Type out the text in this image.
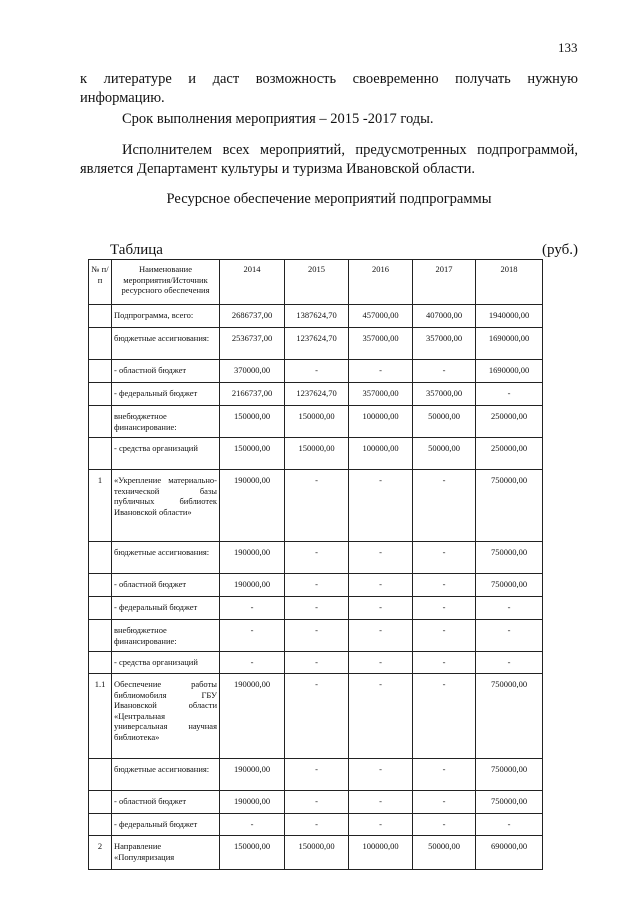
133
к литературе и даст возможность своевременно получать нужную
информацию.
Срок выполнения мероприятия – 2015 -2017 годы.
Исполнителем всех мероприятий, предусмотренных подпрограммой,
является Департамент культуры и туризма Ивановской области.
Ресурсное обеспечение мероприятий подпрограммы
Таблица	(руб.)
№ п/п	Наименование мероприятия/Источник ресурсного обеспечения	2014	2015	2016	2017	2018
	Подпрограмма, всего:	2686737,00	1387624,70	457000,00	407000,00	1940000,00
	бюджетные ассигнования:	2536737,00	1237624,70	357000,00	357000,00	1690000,00
	- областной бюджет	370000,00	-	-	-	1690000,00
	- федеральный бюджет	2166737,00	1237624,70	357000,00	357000,00	-
	внебюджетное финансирование:	150000,00	150000,00	100000,00	50000,00	250000,00
	- средства организаций	150000,00	150000,00	100000,00	50000,00	250000,00
1	«Укрепление материально-технической базы публичных библиотек Ивановской области»	190000,00	-	-	-	750000,00
	бюджетные ассигнования:	190000,00	-	-	-	750000,00
	- областной бюджет	190000,00	-	-	-	750000,00
	- федеральный бюджет	-	-	-	-	-
	внебюджетное финансирование:	-	-	-	-	-
	- средства организаций	-	-	-	-	-
1.1	Обеспечение работы библиомобиля ГБУ Ивановской области «Центральная универсальная научная библиотека»	190000,00	-	-	-	750000,00
	бюджетные ассигнования:	190000,00	-	-	-	750000,00
	- областной бюджет	190000,00	-	-	-	750000,00
	- федеральный бюджет	-	-	-	-	-
2	Направление «Популяризация	150000,00	150000,00	100000,00	50000,00	690000,00
